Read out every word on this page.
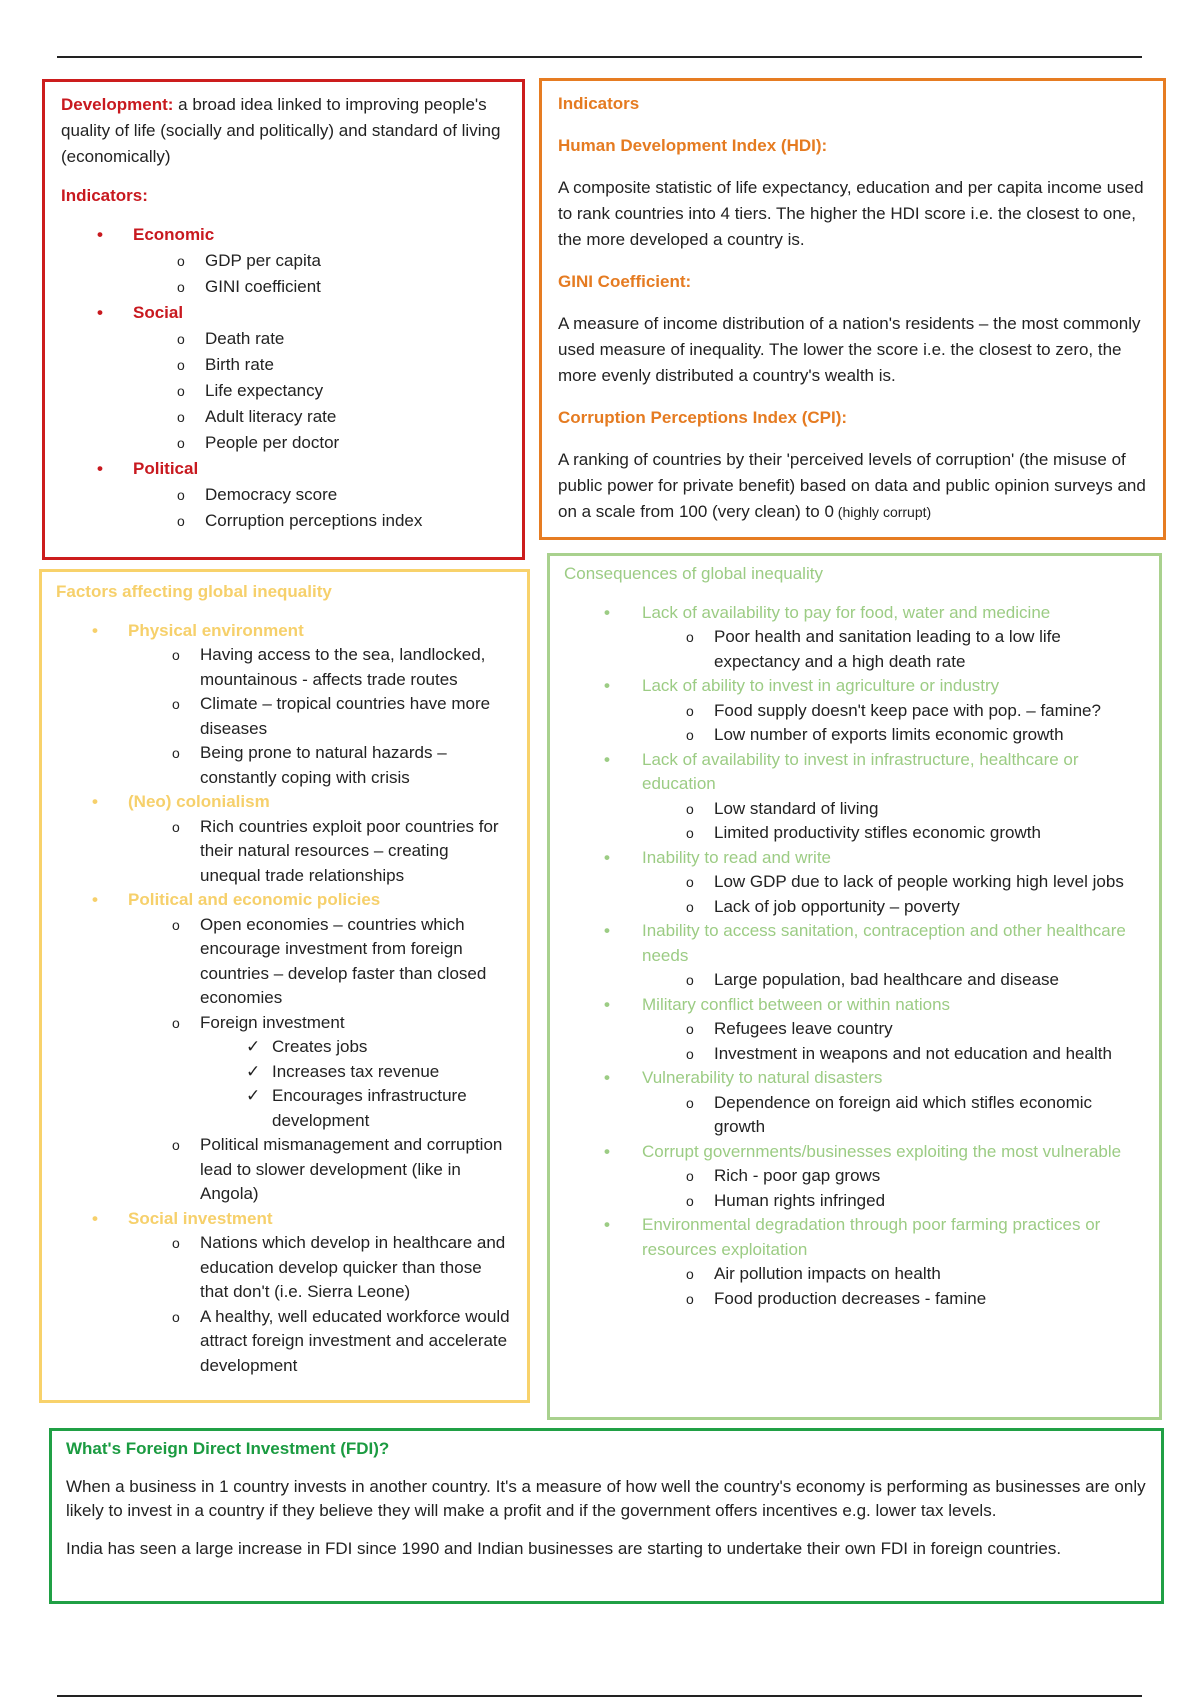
Development: a broad idea linked to improving people's quality of life (socially and politically) and standard of living (economically)

Indicators:

• Economic
o GDP per capita
o GINI coefficient
• Social
o Death rate
o Birth rate
o Life expectancy
o Adult literacy rate
o People per doctor
• Political
o Democracy score
o Corruption perceptions index

Indicators

Human Development Index (HDI):

A composite statistic of life expectancy, education and per capita income used to rank countries into 4 tiers. The higher the HDI score i.e. the closest to one, the more developed a country is.

GINI Coefficient:

A measure of income distribution of a nation's residents – the most commonly used measure of inequality. The lower the score i.e. the closest to zero, the more evenly distributed a country's wealth is.

Corruption Perceptions Index (CPI):

A ranking of countries by their 'perceived levels of corruption' (the misuse of public power for private benefit) based on data and public opinion surveys and on a scale from 100 (very clean) to 0 (highly corrupt)

Factors affecting global inequality

• Physical environment
o Having access to the sea, landlocked, mountainous - affects trade routes
o Climate – tropical countries have more diseases
o Being prone to natural hazards – constantly coping with crisis
• (Neo) colonialism
o Rich countries exploit poor countries for their natural resources – creating unequal trade relationships
• Political and economic policies
o Open economies – countries which encourage investment from foreign countries – develop faster than closed economies
o Foreign investment
✓ Creates jobs
✓ Increases tax revenue
✓ Encourages infrastructure development
o Political mismanagement and corruption lead to slower development (like in Angola)
• Social investment
o Nations which develop in healthcare and education develop quicker than those that don't (i.e. Sierra Leone)
o A healthy, well educated workforce would attract foreign investment and accelerate development

Consequences of global inequality

• Lack of availability to pay for food, water and medicine
o Poor health and sanitation leading to a low life expectancy and a high death rate
• Lack of ability to invest in agriculture or industry
o Food supply doesn't keep pace with pop. – famine?
o Low number of exports limits economic growth
• Lack of availability to invest in infrastructure, healthcare or education
o Low standard of living
o Limited productivity stifles economic growth
• Inability to read and write
o Low GDP due to lack of people working high level jobs
o Lack of job opportunity – poverty
• Inability to access sanitation, contraception and other healthcare needs
o Large population, bad healthcare and disease
• Military conflict between or within nations
o Refugees leave country
o Investment in weapons and not education and health
• Vulnerability to natural disasters
o Dependence on foreign aid which stifles economic growth
• Corrupt governments/businesses exploiting the most vulnerable
o Rich - poor gap grows
o Human rights infringed
• Environmental degradation through poor farming practices or resources exploitation
o Air pollution impacts on health
o Food production decreases - famine

What's Foreign Direct Investment (FDI)?

When a business in 1 country invests in another country. It's a measure of how well the country's economy is performing as businesses are only likely to invest in a country if they believe they will make a profit and if the government offers incentives e.g. lower tax levels.

India has seen a large increase in FDI since 1990 and Indian businesses are starting to undertake their own FDI in foreign countries.
